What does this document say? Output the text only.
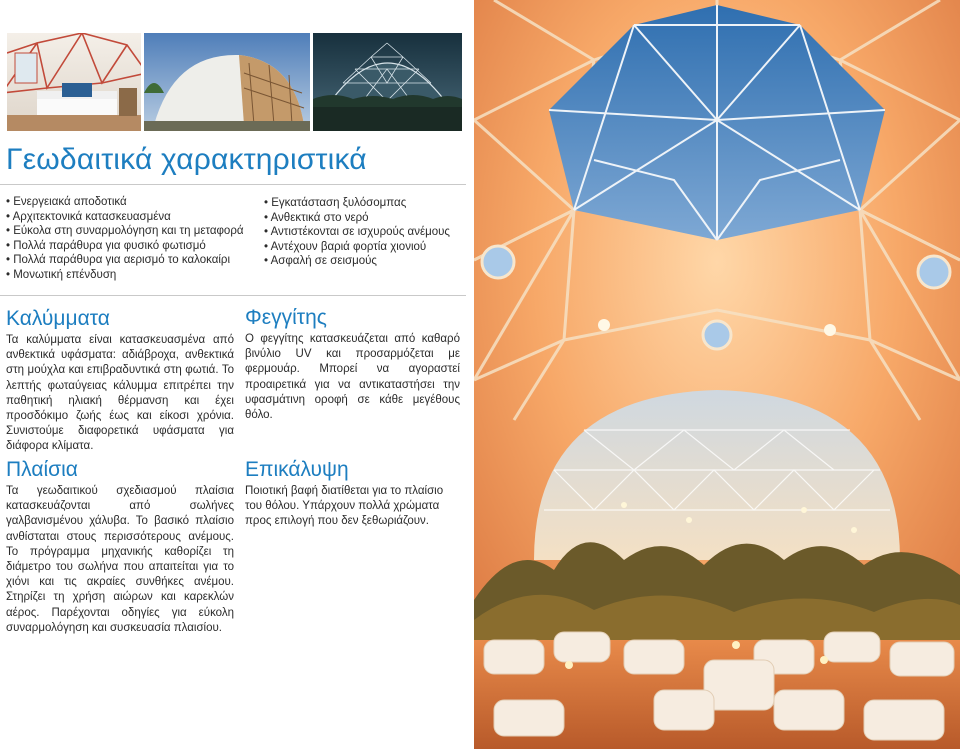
Γεωδαιτικά χαρακτηριστικά
• Ενεργειακά αποδοτικά
• Αρχιτεκτονικά κατασκευασμένα
• Εύκολα στη συναρμολόγηση και τη μεταφορά
• Πολλά παράθυρα για φυσικό φωτισμό
• Πολλά παράθυρα για αερισμό το καλοκαίρι
• Μονωτική επένδυση
• Εγκατάσταση ξυλόσομπας
• Ανθεκτικά στο νερό
• Αντιστέκονται σε ισχυρούς ανέμους
• Αντέχουν βαριά φορτία χιονιού
• Ασφαλή σε σεισμούς
Καλύμματα

Τα καλύμματα είναι κατασκευασμένα από ανθεκτικά υφάσματα: αδιάβροχα, ανθεκτικά στη μούχλα και επιβραδυντικά στη φωτιά. Το λεπτής φωταύγειας κάλυμμα επιτρέπει την παθητική ηλιακή θέρμανση και έχει προσδόκιμο ζωής έως και είκοσι χρόνια. Συνιστούμε διαφορετικά υφάσματα για διάφορα κλίματα.

Πλαίσια

Τα γεωδαιτικού σχεδιασμού πλαίσια κατασκευάζονται από σωλήνες γαλβανισμένου χάλυβα. Το βασικό πλαίσιο ανθίσταται στους περισσότερους ανέμους. Το πρόγραμμα μηχανικής καθορίζει τη διάμετρο του σωλήνα που απαιτείται για το χιόνι και τις ακραίες συνθήκες ανέμου. Στηρίζει τη χρήση αιώρων και καρεκλών αέρος. Παρέχονται οδηγίες για εύκολη συναρμολόγηση και συσκευασία πλαισίου.

Φεγγίτης

Ο φεγγίτης κατασκευάζεται από καθαρό βινύλιο UV και προσαρμόζεται με φερμουάρ. Μπορεί να αγοραστεί προαιρετικά για να αντικαταστήσει την υφασμάτινη οροφή σε κάθε μεγέθους θόλο.

Επικάλυψη

Ποιοτική βαφή διατίθεται για το πλαίσιο του θόλου. Υπάρχουν πολλά χρώματα προς επιλογή που δεν ξεθωριάζουν.
